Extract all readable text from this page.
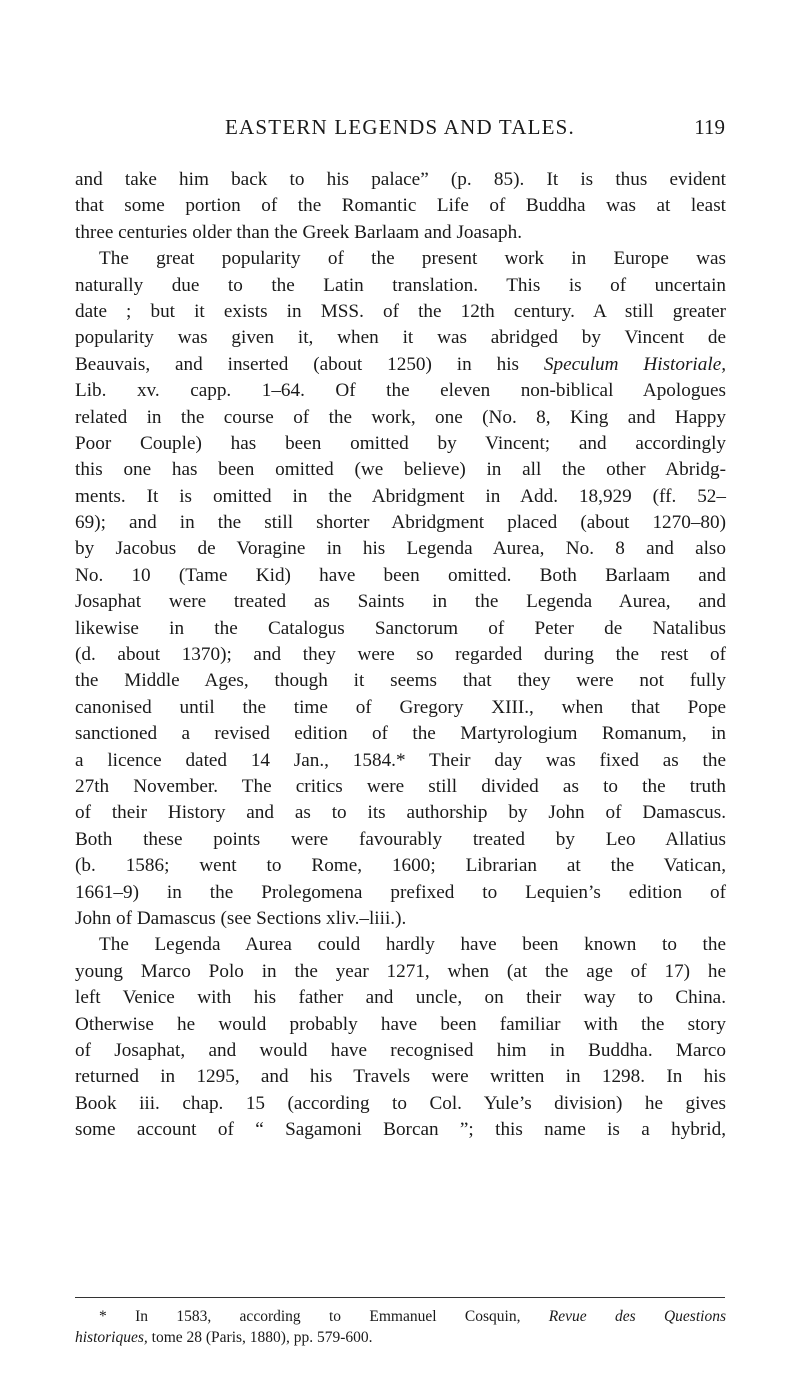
EASTERN LEGENDS AND TALES.	119
and take him back to his palace” (p. 85). It is thus evident
that some portion of the Romantic Life of Buddha was at least
three centuries older than the Greek Barlaam and Joasaph.
The great popularity of the present work in Europe was
naturally due to the Latin translation. This is of uncertain
date ; but it exists in MSS. of the 12th century. A still greater
popularity was given it, when it was abridged by Vincent de
Beauvais, and inserted (about 1250) in his Speculum Historiale,
Lib. xv. capp. 1–64. Of the eleven non-biblical Apologues
related in the course of the work, one (No. 8, King and Happy
Poor Couple) has been omitted by Vincent; and accordingly
this one has been omitted (we believe) in all the other Abridg-
ments. It is omitted in the Abridgment in Add. 18,929 (ff. 52–
69); and in the still shorter Abridgment placed (about 1270–80)
by Jacobus de Voragine in his Legenda Aurea, No. 8 and also
No. 10 (Tame Kid) have been omitted. Both Barlaam and
Josaphat were treated as Saints in the Legenda Aurea, and
likewise in the Catalogus Sanctorum of Peter de Natalibus
(d. about 1370); and they were so regarded during the rest of
the Middle Ages, though it seems that they were not fully
canonised until the time of Gregory XIII., when that Pope
sanctioned a revised edition of the Martyrologium Romanum, in
a licence dated 14 Jan., 1584.* Their day was fixed as the
27th November. The critics were still divided as to the truth
of their History and as to its authorship by John of Damascus.
Both these points were favourably treated by Leo Allatius
(b. 1586; went to Rome, 1600; Librarian at the Vatican,
1661–9) in the Prolegomena prefixed to Lequien’s edition of
John of Damascus (see Sections xliv.–liii.).
The Legenda Aurea could hardly have been known to the
young Marco Polo in the year 1271, when (at the age of 17) he
left Venice with his father and uncle, on their way to China.
Otherwise he would probably have been familiar with the story
of Josaphat, and would have recognised him in Buddha. Marco
returned in 1295, and his Travels were written in 1298. In his
Book iii. chap. 15 (according to Col. Yule’s division) he gives
some account of “ Sagamoni Borcan ”; this name is a hybrid,
* In 1583, according to Emmanuel Cosquin, Revue des Questions
historiques, tome 28 (Paris, 1880), pp. 579-600.
